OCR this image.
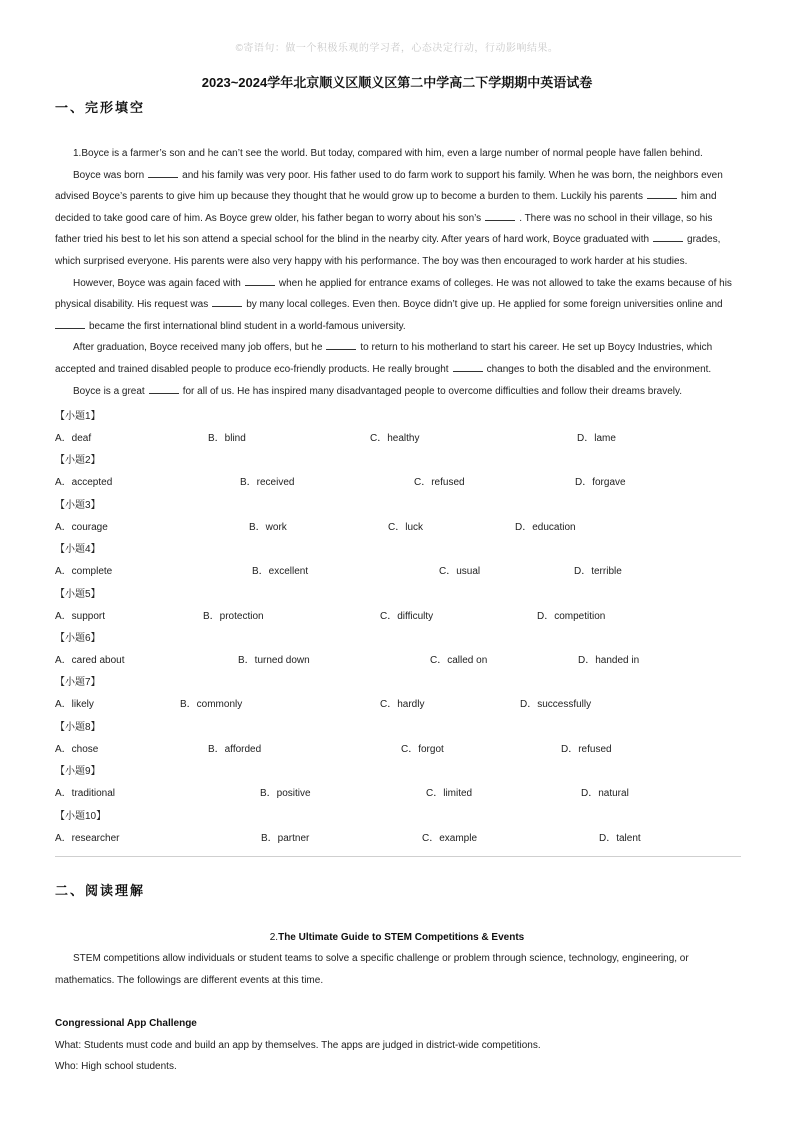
©寄语句：做一个积极乐观的学习者，心态决定行动，行动影响结果。
2023~2024学年北京顺义区顺义区第二中学高二下学期期中英语试卷
一、完形填空
1.Boyce is a farmer’s son and he can’t see the world. But today, compared with him, even a large number of normal people have fallen behind.
Boyce was born	and his family was very poor. His father used to do farm work to support his family. When he was born, the neighbors even
advised Boyce’s parents to give him up because they thought that he would grow up to become a burden to them. Luckily his parents	him and
decided to take good care of him. As Boyce grew older, his father began to worry about his son’s	. There was no school in their village, so his
father tried his best to let his son attend a special school for the blind in the nearby city. After years of hard work, Boyce graduated with	grades,
which surprised everyone. His parents were also very happy with his performance. The boy was then encouraged to work harder at his studies.
However, Boyce was again faced with	when he applied for entrance exams of colleges. He was not allowed to take the exams because of his
physical disability. His request was	by many local colleges. Even then. Boyce didn’t give up. He applied for some foreign universities online and
became the first international blind student in a world-famous university.
After graduation, Boyce received many job offers, but he	to return to his motherland to start his career. He set up Boycy Industries, which
accepted and trained disabled people to produce eco-friendly products. He really brought	changes to both the disabled and the environment.
Boyce is a great	for all of us. He has inspired many disadvantaged people to overcome difficulties and follow their dreams bravely.
【小题1】
A．deaf	B．blind	C．healthy	D．lame
【小题2】
A．accepted	B．received	C．refused	D．forgave
【小题3】
A．courage	B．work	C．luck	D．education
【小题4】
A．complete	B．excellent	C．usual	D．terrible
【小题5】
A．support	B．protection	C．difficulty	D．competition
【小题6】
A．cared about	B．turned down	C．called on	D．handed in
【小题7】
A．likely	B．commonly	C．hardly	D．successfully
【小题8】
A．chose	B．afforded	C．forgot	D．refused
【小题9】
A．traditional	B．positive	C．limited	D．natural
【小题10】
A．researcher	B．partner	C．example	D．talent
二、阅读理解
2.The Ultimate Guide to STEM Competitions & Events
STEM competitions allow individuals or student teams to solve a specific challenge or problem through science, technology, engineering, or
mathematics. The followings are different events at this time.
Congressional App Challenge
What: Students must code and build an app by themselves. The apps are judged in district-wide competitions.
Who: High school students.
